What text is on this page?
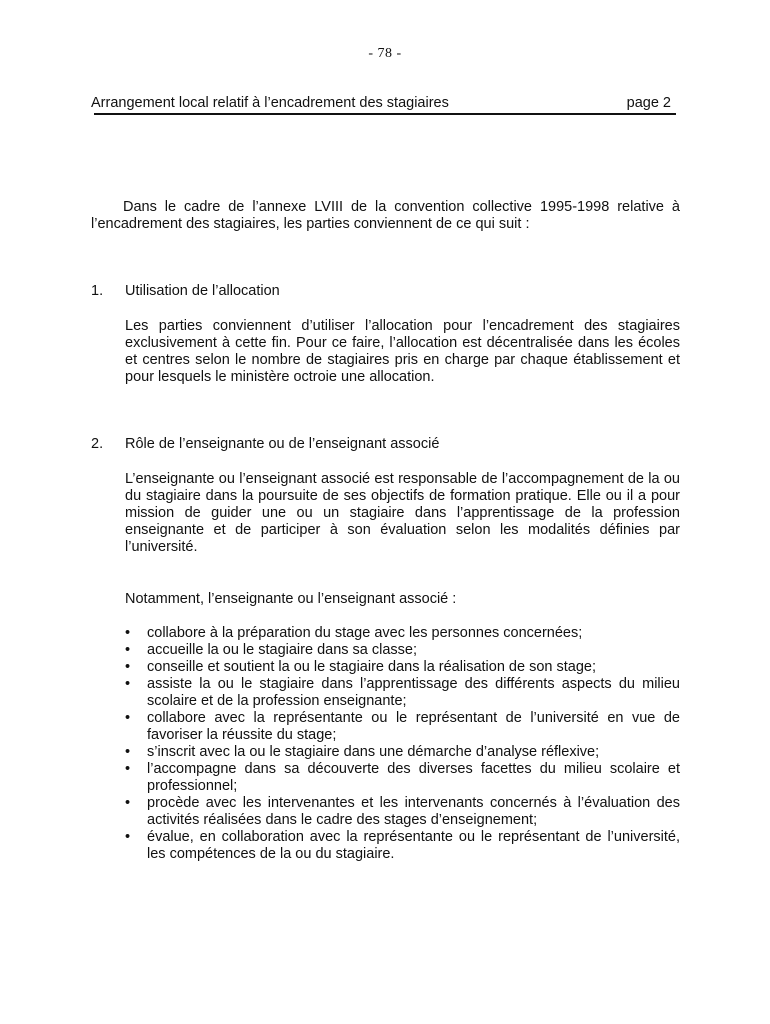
- 78 -
Arrangement local relatif à l’encadrement des stagiaires	page 2

Dans le cadre de l’annexe LVIII de la convention collective 1995-1998 relative à l’encadrement des stagiaires, les parties conviennent de ce qui suit :

1. Utilisation de l’allocation

Les parties conviennent d’utiliser l’allocation pour l’encadrement des stagiaires exclusivement à cette fin. Pour ce faire, l’allocation est décentralisée dans les écoles et centres selon le nombre de stagiaires pris en charge par chaque établissement et pour lesquels le ministère octroie une allocation.

2. Rôle de l’enseignante ou de l’enseignant associé

L’enseignante ou l’enseignant associé est responsable de l’accompagnement de la ou du stagiaire dans la poursuite de ses objectifs de formation pratique. Elle ou il a pour mission de guider une ou un stagiaire dans l’apprentissage de la profession enseignante et de participer à son évaluation selon les modalités définies par l’université.

Notamment, l’enseignante ou l’enseignant associé :

• collabore à la préparation du stage avec les personnes concernées;
• accueille la ou le stagiaire dans sa classe;
• conseille et soutient la ou le stagiaire dans la réalisation de son stage;
• assiste la ou le stagiaire dans l’apprentissage des différents aspects du milieu scolaire et de la profession enseignante;
• collabore avec la représentante ou le représentant de l’université en vue de favoriser la réussite du stage;
• s’inscrit avec la ou le stagiaire dans une démarche d’analyse réflexive;
• l’accompagne dans sa découverte des diverses facettes du milieu scolaire et professionnel;
• procède avec les intervenantes et les intervenants concernés à l’évaluation des activités réalisées dans le cadre des stages d’enseignement;
• évalue, en collaboration avec la représentante ou le représentant de l’université, les compétences de la ou du stagiaire.
